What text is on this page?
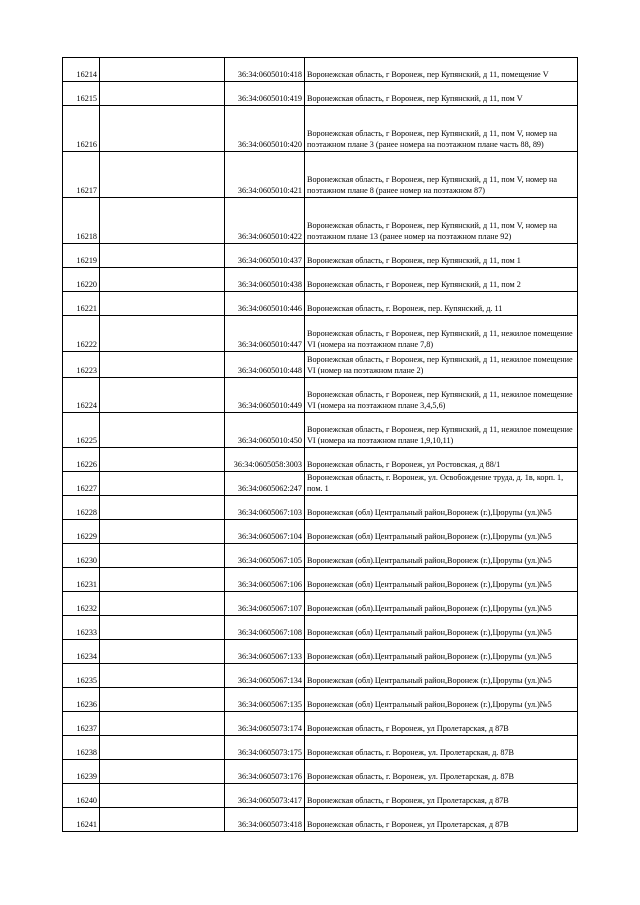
16214		36:34:0605010:418	Воронежская область, г Воронеж, пер Купянский, д 11, помещение V
16215		36:34:0605010:419	Воронежская область, г Воронеж, пер Купянский, д 11, пом V
16216		36:34:0605010:420	Воронежская область, г Воронеж, пер Купянский, д 11, пом V, номер на поэтажном плане 3 (ранее номера на поэтажном плане часть 88, 89)
16217		36:34:0605010:421	Воронежская область, г Воронеж, пер Купянский, д 11, пом V, номер на поэтажном плане 8 (ранее номер на поэтажном 87)
16218		36:34:0605010:422	Воронежская область, г Воронеж, пер Купянский, д 11, пом V, номер на поэтажном плане 13 (ранее номер на поэтажном плане 92)
16219		36:34:0605010:437	Воронежская область, г Воронеж, пер Купянский, д 11, пом 1
16220		36:34:0605010:438	Воронежская область, г Воронеж, пер Купянский, д 11, пом 2
16221		36:34:0605010:446	Воронежская область, г. Воронеж, пер. Купянский, д. 11
16222		36:34:0605010:447	Воронежская область, г Воронеж, пер Купянский, д 11, нежилое помещение VI (номера на поэтажном плане 7,8)
16223		36:34:0605010:448	Воронежская область, г Воронеж, пер Купянский, д 11, нежилое помещение VI (номер на поэтажном плане 2)
16224		36:34:0605010:449	Воронежская область, г Воронеж, пер Купянский, д 11, нежилое помещение VI (номера на поэтажном плане 3,4,5,6)
16225		36:34:0605010:450	Воронежская область, г Воронеж, пер Купянский, д 11, нежилое помещение VI (номера на поэтажном плане 1,9,10,11)
16226		36:34:0605058:3003	Воронежская область, г Воронеж, ул Ростовская, д 88/1
16227		36:34:0605062:247	Воронежская область, г. Воронеж, ул. Освобождение труда, д. 1в, корп. 1, пом. 1
16228		36:34:0605067:103	Воронежская (обл) Центральный район,Воронеж (г.),Цюрупы (ул.)№5
16229		36:34:0605067:104	Воронежская (обл) Центральный район,Воронеж (г.),Цюрупы (ул.)№5
16230		36:34:0605067:105	Воронежская (обл).Центральный район,Воронеж (г.),Цюрупы (ул.)№5
16231		36:34:0605067:106	Воронежская (обл) Центральный район,Воронеж (г.),Цюрупы (ул.)№5
16232		36:34:0605067:107	Воронежская (обл).Центральный район,Воронеж (г.),Цюрупы (ул.)№5
16233		36:34:0605067:108	Воронежская (обл) Центральный район,Воронеж (г.),Цюрупы (ул.)№5
16234		36:34:0605067:133	Воронежская (обл).Центральный район,Воронеж (г.),Цюрупы (ул.)№5
16235		36:34:0605067:134	Воронежская (обл) Центральный район,Воронеж (г.),Цюрупы (ул.)№5
16236		36:34:0605067:135	Воронежская (обл) Центральный район,Воронеж (г.),Цюрупы (ул.)№5
16237		36:34:0605073:174	Воронежская область, г Воронеж, ул Пролетарская, д 87В
16238		36:34:0605073:175	Воронежская область, г. Воронеж, ул. Пролетарская, д. 87В
16239		36:34:0605073:176	Воронежская область, г. Воронеж, ул. Пролетарская, д. 87В
16240		36:34:0605073:417	Воронежская область, г Воронеж, ул Пролетарская, д 87В
16241		36:34:0605073:418	Воронежская область, г Воронеж, ул Пролетарская, д 87В
